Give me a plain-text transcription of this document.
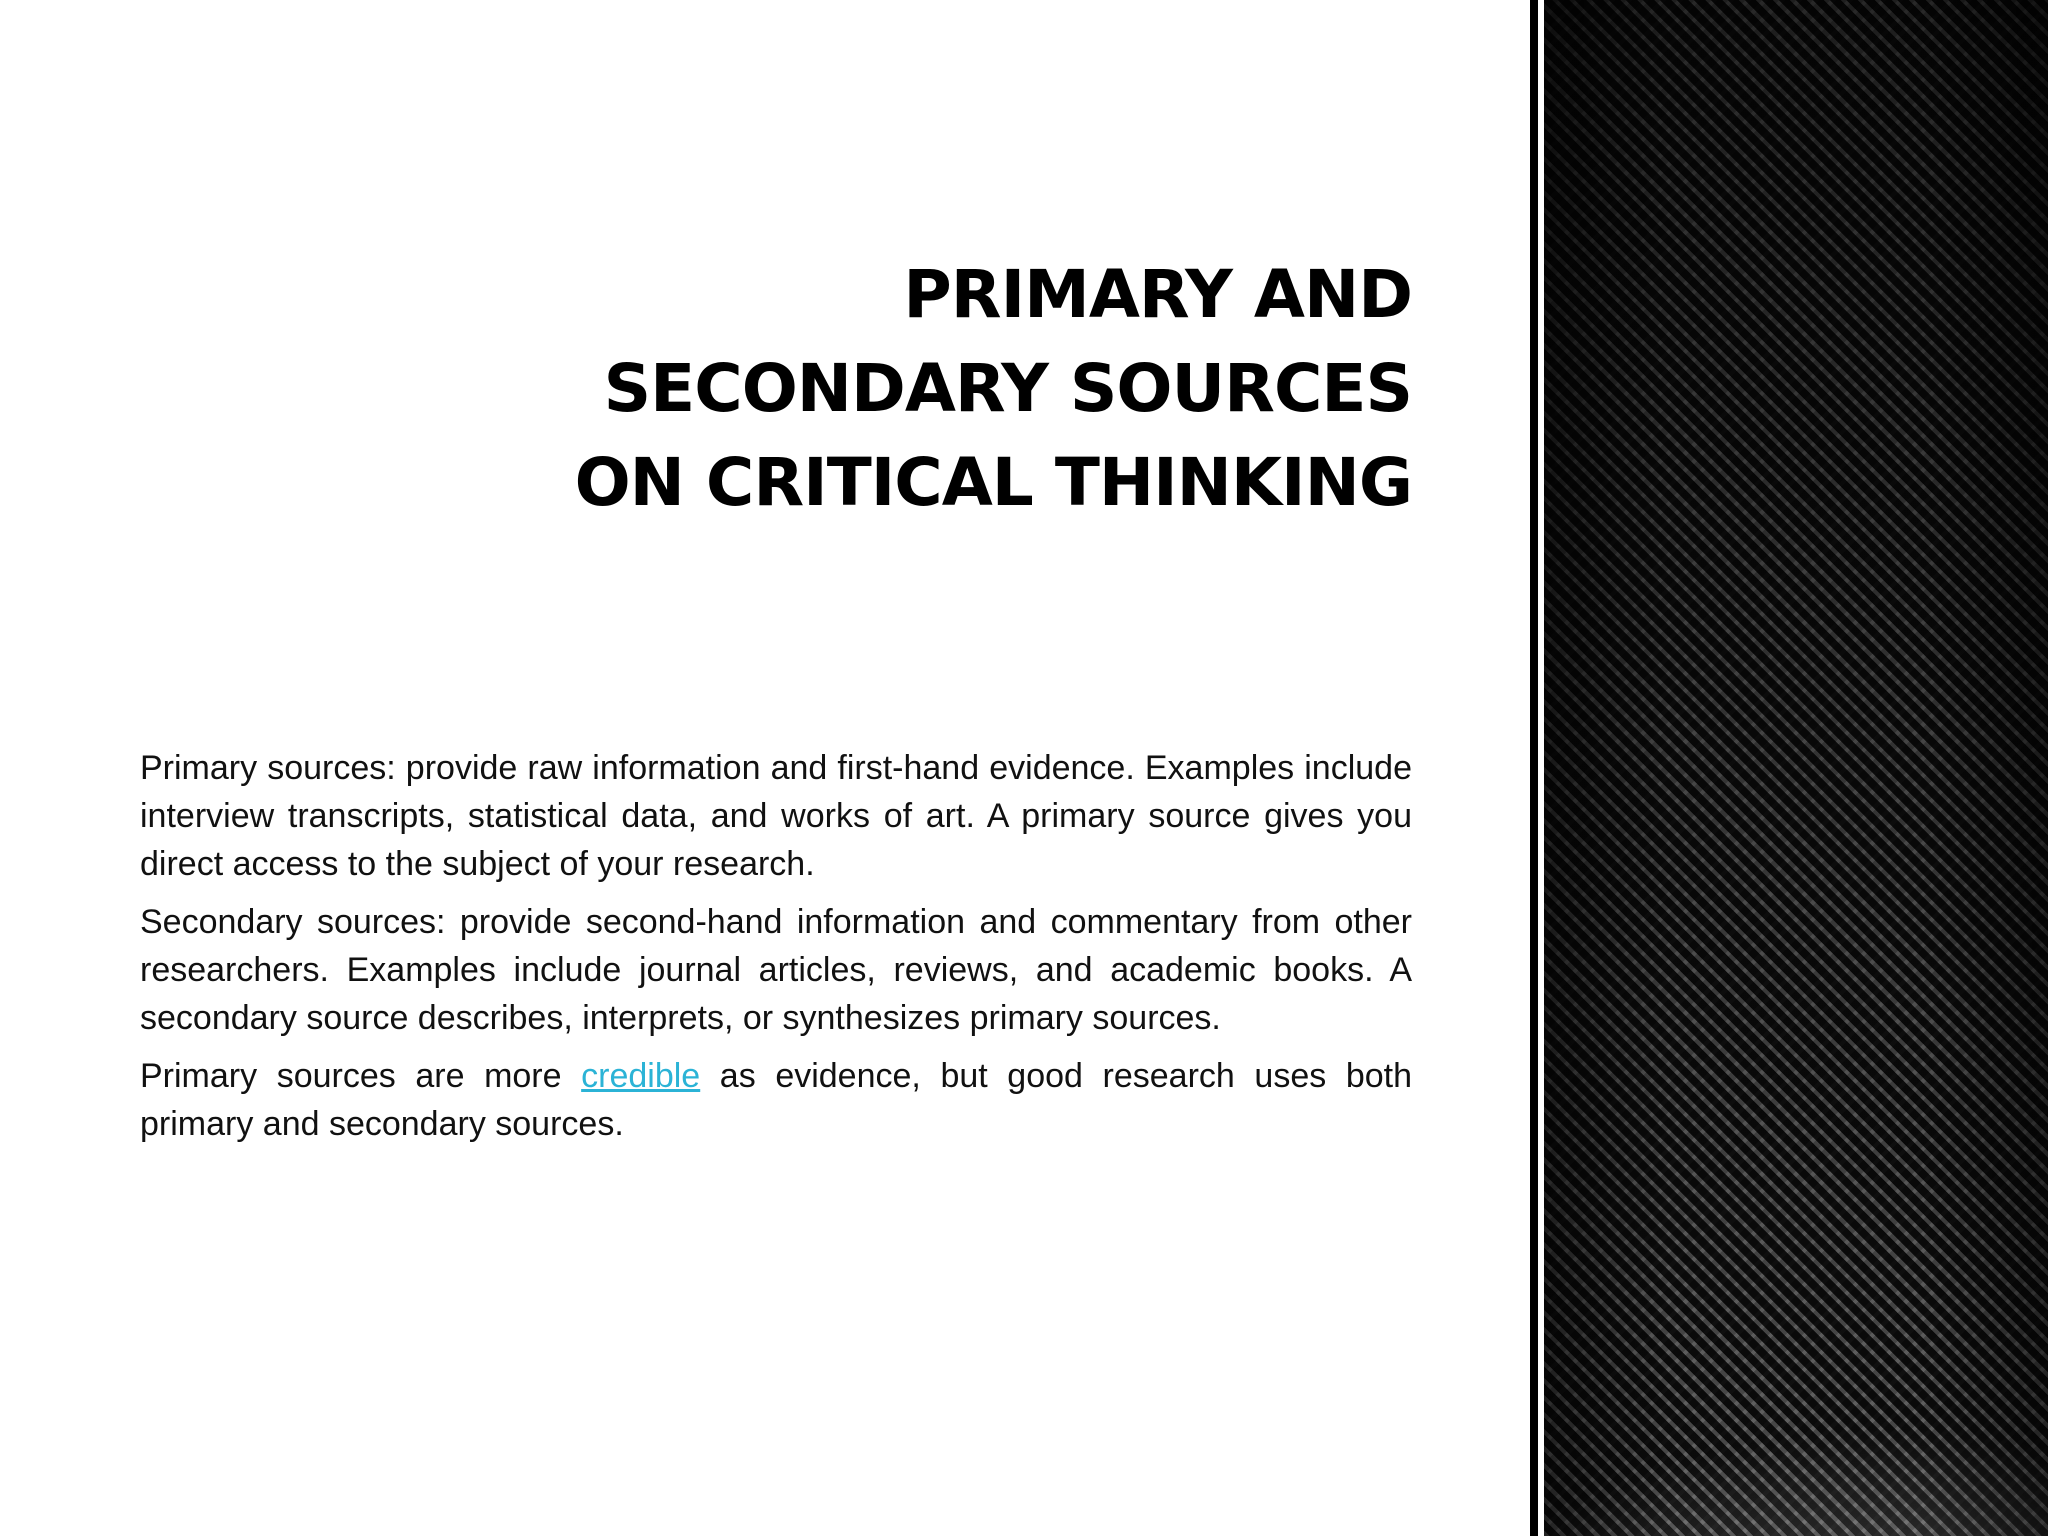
PRIMARY AND
SECONDARY SOURCES
ON CRITICAL THINKING

Primary sources: provide raw information and first-hand evidence. Examples include interview transcripts, statistical data, and works of art. A primary source gives you direct access to the subject of your research.

Secondary sources: provide second-hand information and commentary from other researchers. Examples include journal articles, reviews, and academic books. A secondary source describes, interprets, or synthesizes primary sources.

Primary sources are more credible as evidence, but good research uses both primary and secondary sources.
